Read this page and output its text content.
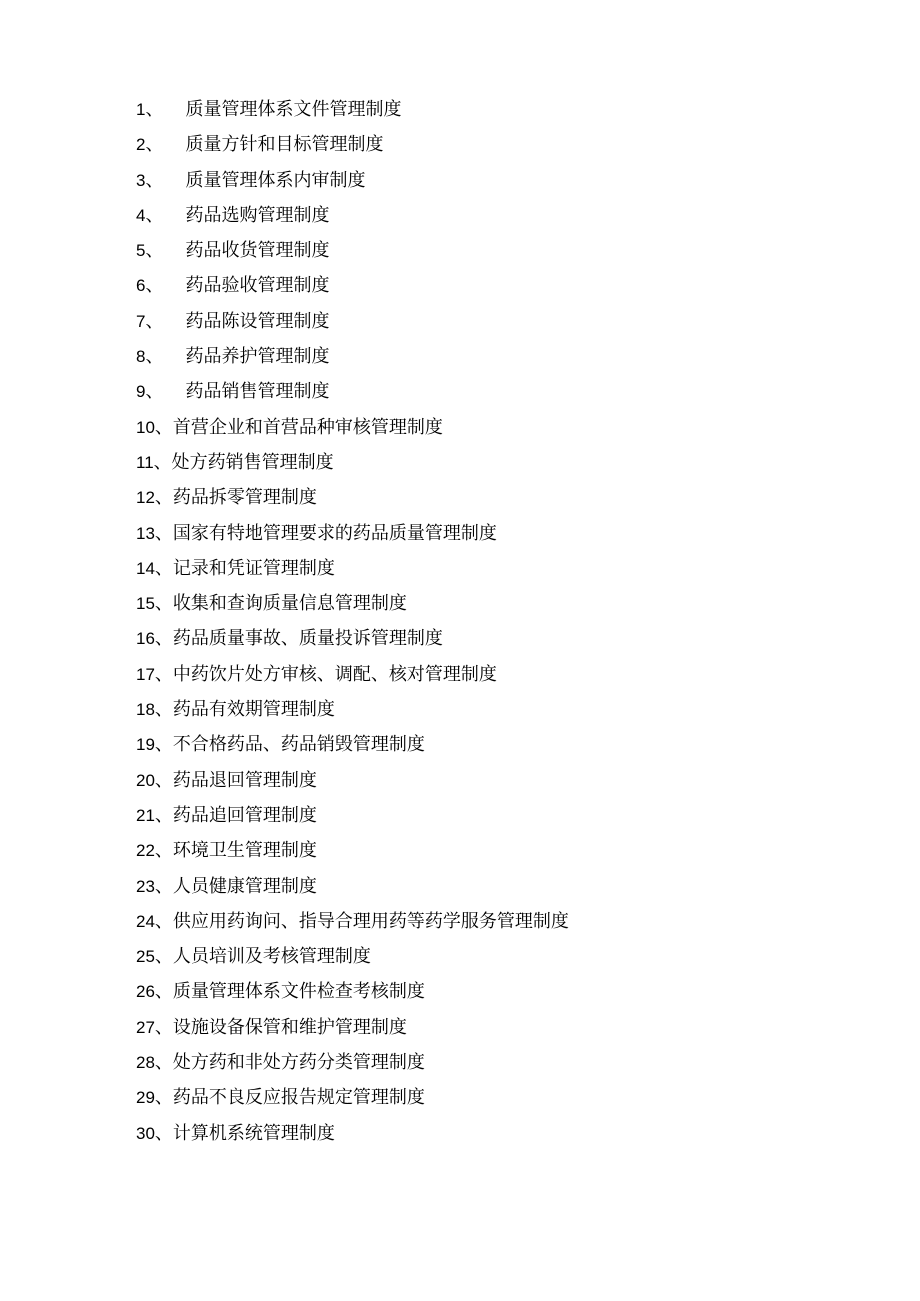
1 、	质量管理体系文件管理制度
2 、	质量方针和目标管理制度
3 、	质量管理体系内审制度
4 、	药品选购管理制度
5 、	药品收货管理制度
6 、	药品验收管理制度
7 、	药品陈设管理制度
8 、	药品养护管理制度
9 、	药品销售管理制度
10 、 首营企业和首营品种审核管理制度
11 、 处方药销售管理制度
12 、 药品拆零管理制度
13 、 国家有特地管理要求的药品质量管理制度
14 、 记录和凭证管理制度
15 、 收集和查询质量信息管理制度
16 、 药品质量事故、质量投诉管理制度
17 、 中药饮片处方审核、调配、核对管理制度
18 、 药品有效期管理制度
19 、 不合格药品、药品销毁管理制度
20 、 药品退回管理制度
21 、 药品追回管理制度
22 、 环境卫生管理制度
23 、 人员健康管理制度
24 、 供应用药询问、指导合理用药等药学服务管理制度
25 、 人员培训及考核管理制度
26 、 质量管理体系文件检查考核制度
27 、 设施设备保管和维护管理制度
28 、 处方药和非处方药分类管理制度
29 、 药品不良反应报告规定管理制度
30 、 计算机系统管理制度
